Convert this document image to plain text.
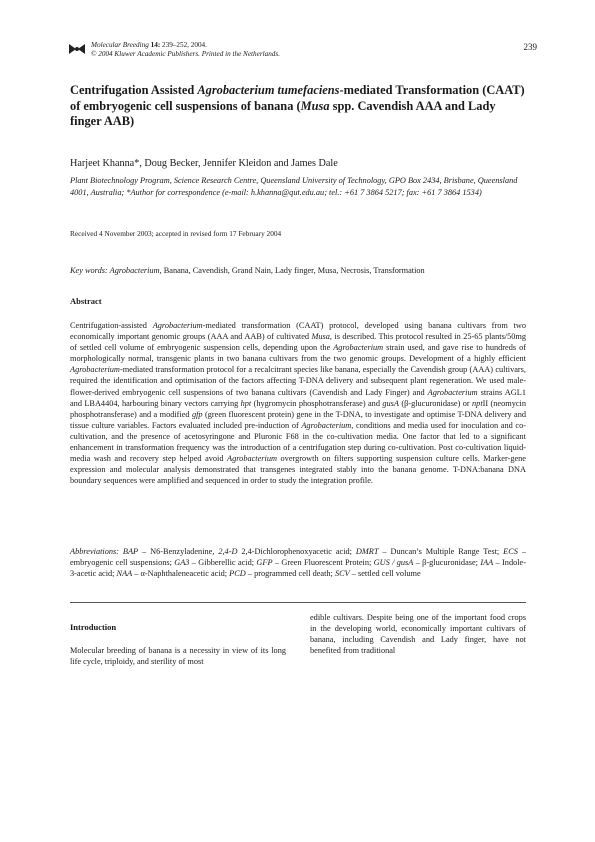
Molecular Breeding 14: 239–252, 2004.
© 2004 Kluwer Academic Publishers. Printed in the Netherlands.
239
Centrifugation Assisted Agrobacterium tumefaciens-mediated Transformation (CAAT) of embryogenic cell suspensions of banana (Musa spp. Cavendish AAA and Lady finger AAB)
Harjeet Khanna*, Doug Becker, Jennifer Kleidon and James Dale
Plant Biotechnology Program, Science Research Centre, Queensland University of Technology, GPO Box 2434, Brisbane, Queensland 4001, Australia; *Author for correspondence (e-mail: h.khanna@qut.edu.au; tel.: +61 7 3864 5217; fax: +61 7 3864 1534)
Received 4 November 2003; accepted in revised form 17 February 2004
Key words: Agrobacterium, Banana, Cavendish, Grand Nain, Lady finger, Musa, Necrosis, Transformation
Abstract
Centrifugation-assisted Agrobacterium-mediated transformation (CAAT) protocol, developed using banana cultivars from two economically important genomic groups (AAA and AAB) of cultivated Musa, is described. This protocol resulted in 25-65 plants/50mg of settled cell volume of embryogenic suspension cells, depending upon the Agrobacterium strain used, and gave rise to hundreds of morphologically normal, transgenic plants in two banana cultivars from the two genomic groups. Development of a highly efficient Agrobacterium-mediated transformation protocol for a recalcitrant species like banana, especially the Cavendish group (AAA) cultivars, required the identification and optimisation of the factors affecting T-DNA delivery and subsequent plant regeneration. We used male-flower-derived embryogenic cell suspensions of two banana cultivars (Cavendish and Lady Finger) and Agrobacterium strains AGL1 and LBA4404, harbouring binary vectors carrying hpt (hygromycin phosphotransferase) and gusA (β-glucuronidase) or nptII (neomycin phosphotransferase) and a modified gfp (green fluorescent protein) gene in the T-DNA, to investigate and optimise T-DNA delivery and tissue culture variables. Factors evaluated included pre-induction of Agrobacterium, conditions and media used for inoculation and co-cultivation, and the presence of acetosyringone and Pluronic F68 in the co-cultivation media. One factor that led to a significant enhancement in transformation frequency was the introduction of a centrifugation step during co-cultivation. Post co-cultivation liquid-media wash and recovery step helped avoid Agrobacterium overgrowth on filters supporting suspension culture cells. Marker-gene expression and molecular analysis demonstrated that transgenes integrated stably into the banana genome. T-DNA:banana DNA boundary sequences were amplified and sequenced in order to study the integration profile.
Abbreviations: BAP – N6-Benzyladenine, 2,4-D 2,4-Dichlorophenoxyacetic acid; DMRT – Duncan’s Multiple Range Test; ECS – embryogenic cell suspensions; GA3 – Gibberellic acid; GFP – Green Fluorescent Protein; GUS / gusA – β-glucuronidase; IAA – Indole-3-acetic acid; NAA – α-Naphthaleneacetic acid; PCD – programmed cell death; SCV – settled cell volume
Introduction
Molecular breeding of banana is a necessity in view of its long life cycle, triploidy, and sterility of most
edible cultivars. Despite being one of the important food crops in the developing world, economically important cultivars of banana, including Cavendish and Lady finger, have not benefited from traditional
